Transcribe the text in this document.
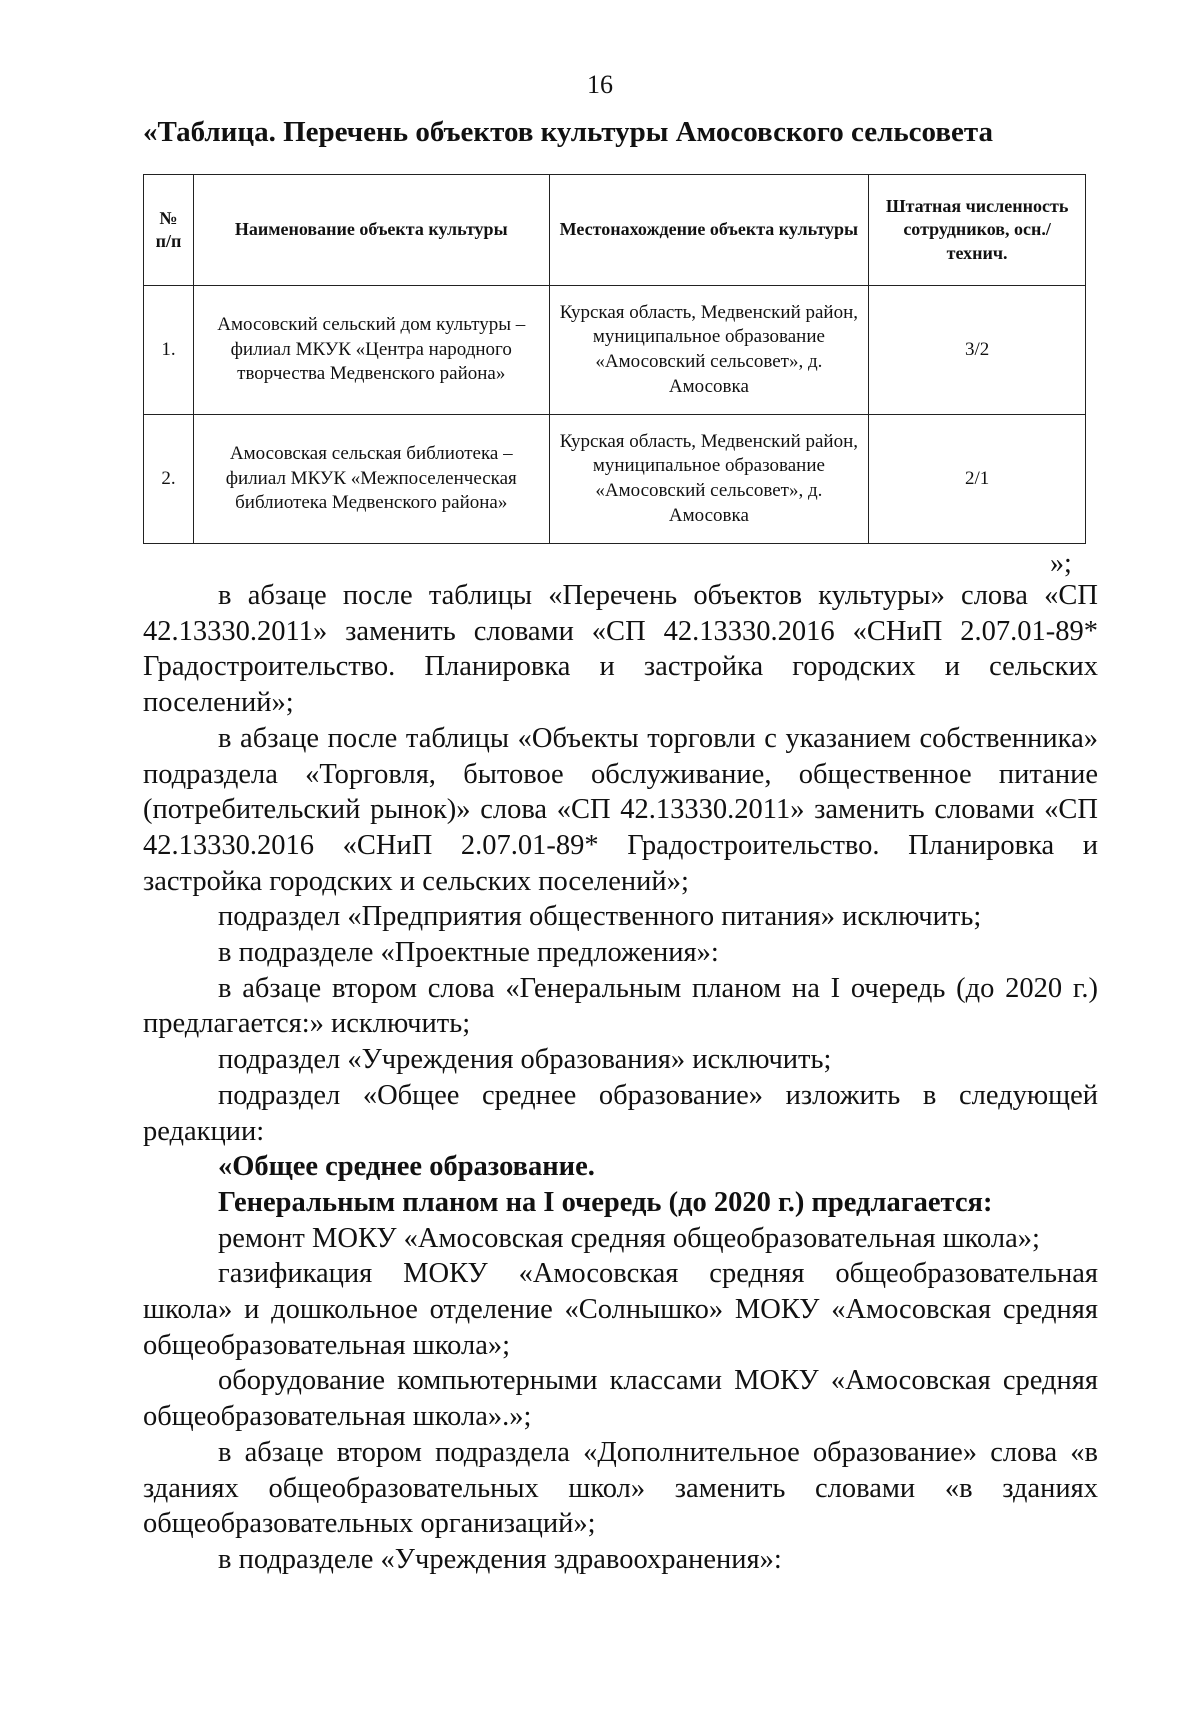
16
«Таблица. Перечень объектов культуры Амосовского сельсовета
№ п/п	Наименование объекта культуры	Местонахождение объекта культуры	Штатная численность сотрудников, осн./технич.
1.	Амосовский сельский дом культуры – филиал МКУК «Центра народного творчества Медвенского района»	Курская область, Медвенский район, муниципальное образование «Амосовский сельсовет», д. Амосовка	3/2
2.	Амосовская сельская библиотека – филиал МКУК «Межпоселенческая библиотека Медвенского района»	Курская область, Медвенский район, муниципальное образование «Амосовский сельсовет», д. Амосовка	2/1
»;

в абзаце после таблицы «Перечень объектов культуры» слова «СП 42.13330.2011» заменить словами «СП 42.13330.2016 «СНиП 2.07.01-89* Градостроительство. Планировка и застройка городских и сельских поселений»;

в абзаце после таблицы «Объекты торговли с указанием собственника» подраздела «Торговля, бытовое обслуживание, общественное питание (потребительский рынок)» слова «СП 42.13330.2011» заменить словами «СП 42.13330.2016 «СНиП 2.07.01-89* Градостроительство. Планировка и застройка городских и сельских поселений»;

подраздел «Предприятия общественного питания» исключить;

в подразделе «Проектные предложения»:

в абзаце втором слова «Генеральным планом на I очередь (до 2020 г.) предлагается:» исключить;

подраздел «Учреждения образования» исключить;

подраздел «Общее среднее образование» изложить в следующей редакции:

«Общее среднее образование.

Генеральным планом на I очередь (до 2020 г.) предлагается:

ремонт МОКУ «Амосовская средняя общеобразовательная школа»;

газификация МОКУ «Амосовская средняя общеобразовательная школа» и дошкольное отделение «Солнышко» МОКУ «Амосовская средняя общеобразовательная школа»;

оборудование компьютерными классами МОКУ «Амосовская средняя общеобразовательная школа».»;

в абзаце втором подраздела «Дополнительное образование» слова «в зданиях общеобразовательных школ» заменить словами «в зданиях общеобразовательных организаций»;

в подразделе «Учреждения здравоохранения»:
